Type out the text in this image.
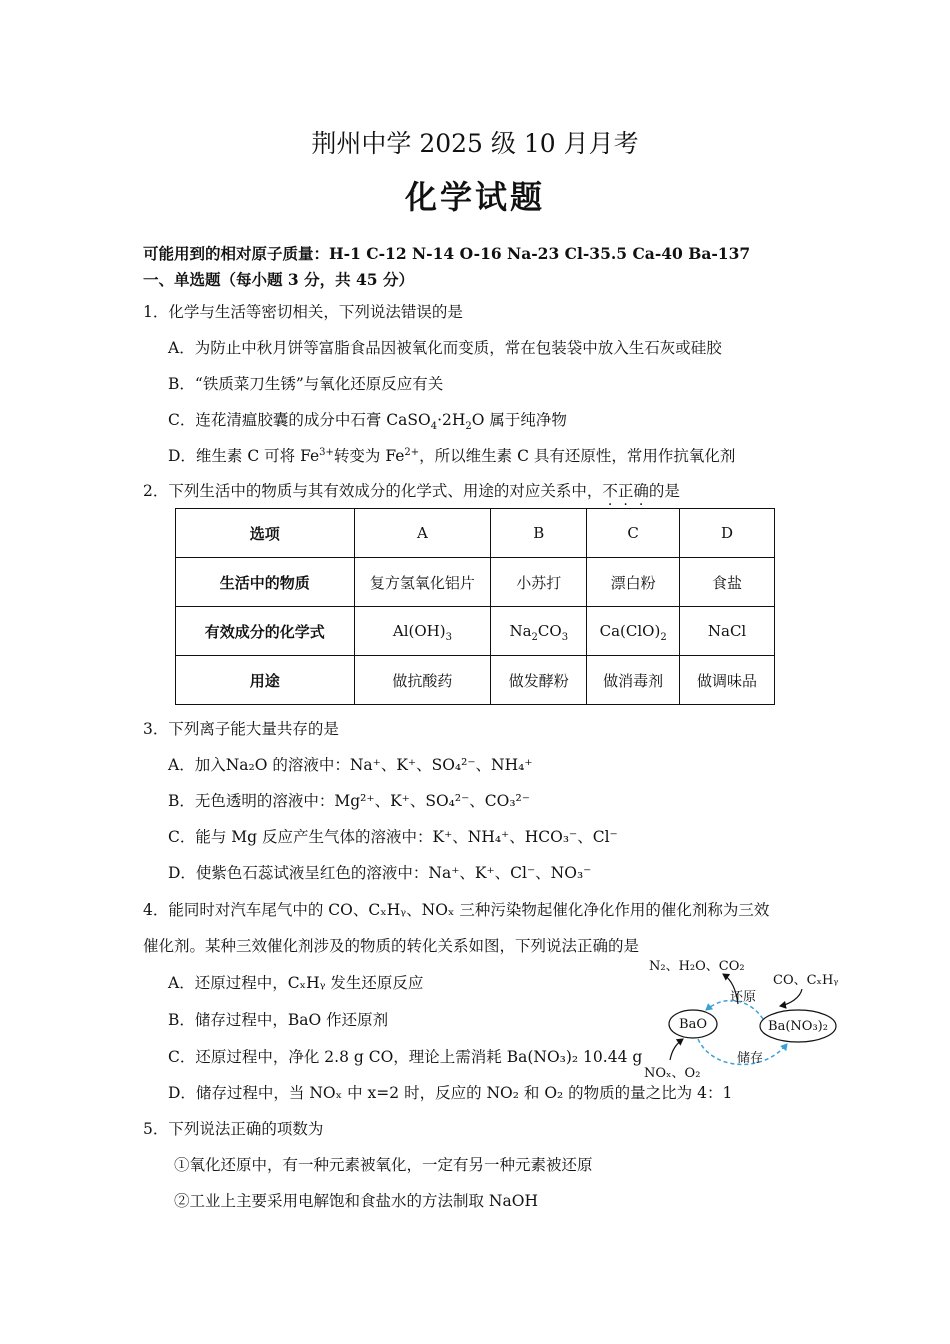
荆州中学 2025 级 10 月月考
化学试题
可能用到的相对原子质量：H-1 C-12 N-14 O-16 Na-23 Cl-35.5 Ca-40 Ba-137
一、单选题（每小题 3 分，共 45 分）
1．化学与生活等密切相关，下列说法错误的是
A．为防止中秋月饼等富脂食品因被氧化而变质，常在包装袋中放入生石灰或硅胶
B．“铁质菜刀生锈”与氧化还原反应有关
C．连花清瘟胶囊的成分中石膏 $CaSO_4\cdot 2H_2O$ 属于纯净物
D．维生素 C 可将 $Fe^{3+}$转变为 $Fe^{2+}$，所以维生素 C 具有还原性，常用作抗氧化剂
2．下列生活中的物质与其有效成分的化学式、用途的对应关系中，不正确的是
选项	A	B	C	D
生活中的物质	复方氢氧化铝片	小苏打	漂白粉	食盐
有效成分的化学式	$Al(OH)_3$	$Na_2CO_3$	$Ca(ClO)_2$	NaCl
用途	做抗酸药	做发酵粉	做消毒剂	做调味品
3．下列离子能大量共存的是
A．加入Na₂O 的溶液中：Na⁺、K⁺、SO₄²⁻、NH₄⁺
B．无色透明的溶液中：Mg²⁺、K⁺、SO₄²⁻、CO₃²⁻
C．能与 Mg 反应产生气体的溶液中：K⁺、NH₄⁺、HCO₃⁻、Cl⁻
D．使紫色石蕊试液呈红色的溶液中：Na⁺、K⁺、Cl⁻、NO₃⁻
4．能同时对汽车尾气中的 CO、CₓHᵧ、NOₓ 三种污染物起催化净化作用的催化剂称为三效
催化剂。某种三效催化剂涉及的物质的转化关系如图，下列说法正确的是
A．还原过程中，CₓHᵧ 发生还原反应
B．储存过程中，BaO 作还原剂
C．还原过程中，净化 2.8 g CO，理论上需消耗 Ba(NO₃)₂ 10.44 g
D．储存过程中，当 NOₓ 中 x=2 时，反应的 NO₂ 和 O₂ 的物质的量之比为 4：1
N₂、H₂O、CO₂
CO、CₓHᵧ
还原
BaO	Ba(NO₃)₂
储存
NOₓ、O₂
5．下列说法正确的项数为
①氧化还原中，有一种元素被氧化，一定有另一种元素被还原
②工业上主要采用电解饱和食盐水的方法制取 NaOH
